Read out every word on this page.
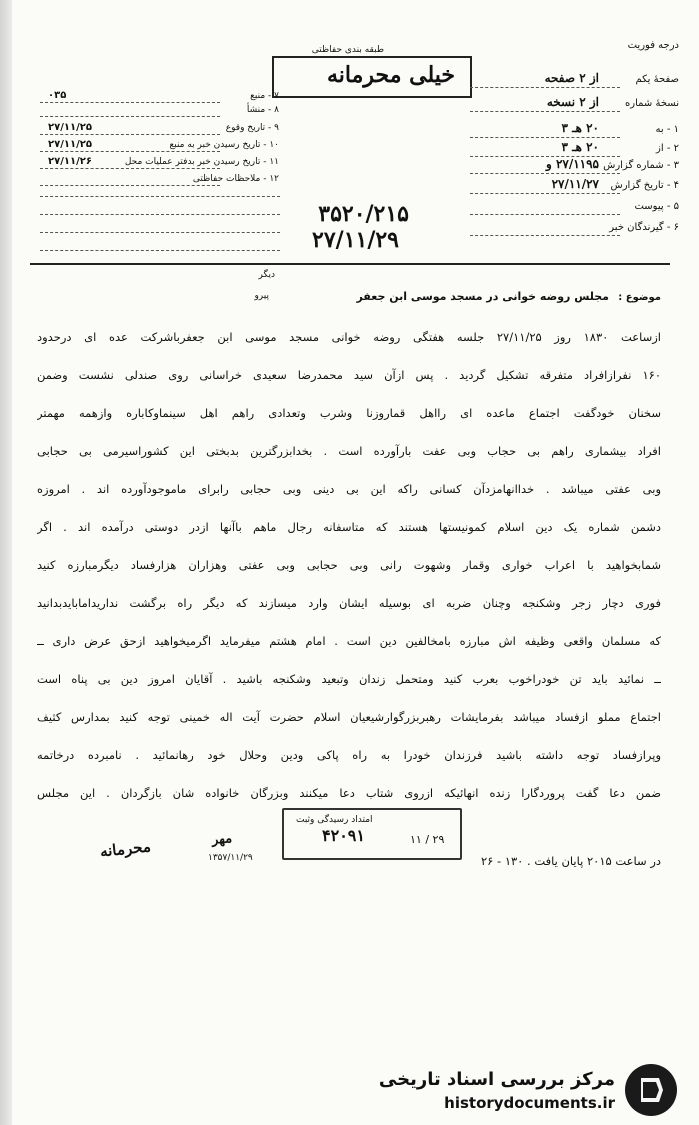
درجه فوریت
طبقه بندی حفاظتی
خیلی محرمانه	صفحهٔ یکم
از ۲ صفحه
نسخهٔ شماره
از ۲ نسخه
۱ - به
۲۰ هـ ۳
۲ - از
۲۰ هـ ۳
۳ - شماره گزارش
۲۷/۱۱۹۵ و
۴ - تاریخ گزارش
۲۷/۱۱/۲۷
۵ - پیوست
۶ - گیرندگان خبر
۷ - منبع
۰۳۵
۸ - منشأ
۹ - تاریخ وقوع
۲۷/۱۱/۲۵
۱۰ - تاریخ رسیدن خبر به منبع
۲۷/۱۱/۲۵
۱۱ - تاریخ رسیدن خبر بدفتر عملیات محل
۲۷/۱۱/۲۶
۱۲ - ملاحظات حفاظتی
۳۵۲۰/۲۱۵
۲۷/۱۱/۲۹
دیگر
پیرو	موضوع :
مجلس روضه خوانی در مسجد موسی ابن جعفر
ازساعت ۱۸۳۰ روز ۲۷/۱۱/۲۵ جلسه هفتگی روضه خوانی مسجد موسی ابن جعفرباشرکت عده ای درحدود
۱۶۰ نفرازافراد متفرقه تشکیل گردید . پس ازآن سید محمدرضا سعیدی خراسانی روی صندلی نشست وضمن
سخنان خودگفت اجتماع ماعده ای رااهل قماروزنا وشرب وتعدادی راهم اهل سینماوکاباره وازهمه مهمتر
افراد بیشماری راهم بی حجاب وبی عفت بارآورده است . بخدابزرگترین بدبختی این کشوراسیرمی بی حجابی
وبی عفتی میباشد . خداانهامزدآن کسانی راکه این بی دینی وبی حجابی رابرای ماموجودآورده اند . امروزه
دشمن شماره یک دین اسلام کمونیستها هستند که متاسفانه رجال ماهم باآنها ازدر دوستی درآمده اند . اگر
شمابخواهید با اعراب خواری وقمار وشهوت رانی وبی حجابی وبی عفتی وهزاران هزارفساد دیگرمبارزه کنید
فوری دچار زجر وشکنجه وچنان ضربه ای بوسیله ایشان وارد میسازند که دیگر راه برگشت نداریدامابایدبدانید
که مسلمان واقعی وظیفه اش مبارزه بامخالفین دین است . امام هشتم میفرماید اگرمیخواهید ازحق عرض داری ــ
ــ نمائید باید تن خودراخوب بعرب کنید ومتحمل زندان وتبعید وشکنجه باشید . آقایان امروز دین بی پناه است
اجتماع مملو ازفساد میباشد بفرمایشات رهبربزرگوارشیعیان اسلام حضرت آیت اله خمینی توجه کنید بمدارس کثیف
وپرازفساد توجه داشته باشید فرزندان خودرا به راه پاکی ودین وحلال خود رهانمائید . نامبرده درخاتمه
ضمن دعا گفت پروردگارا زنده انهائیکه ازروی شتاب دعا میکنند وبزرگان خانواده شان بازگردان . این مجلس
در ساعت ۲۰۱۵ پایان یافت . ۱۳۰ - ۲۶
محرمانه	۱۳۵۷/۱۱/۲۹
مهر
امتداد رسیدگی وثبت
۴۲۰۹۱	۲۹ / ۱۱
مرکز بررسی اسناد تاریخی
historydocuments.ir
